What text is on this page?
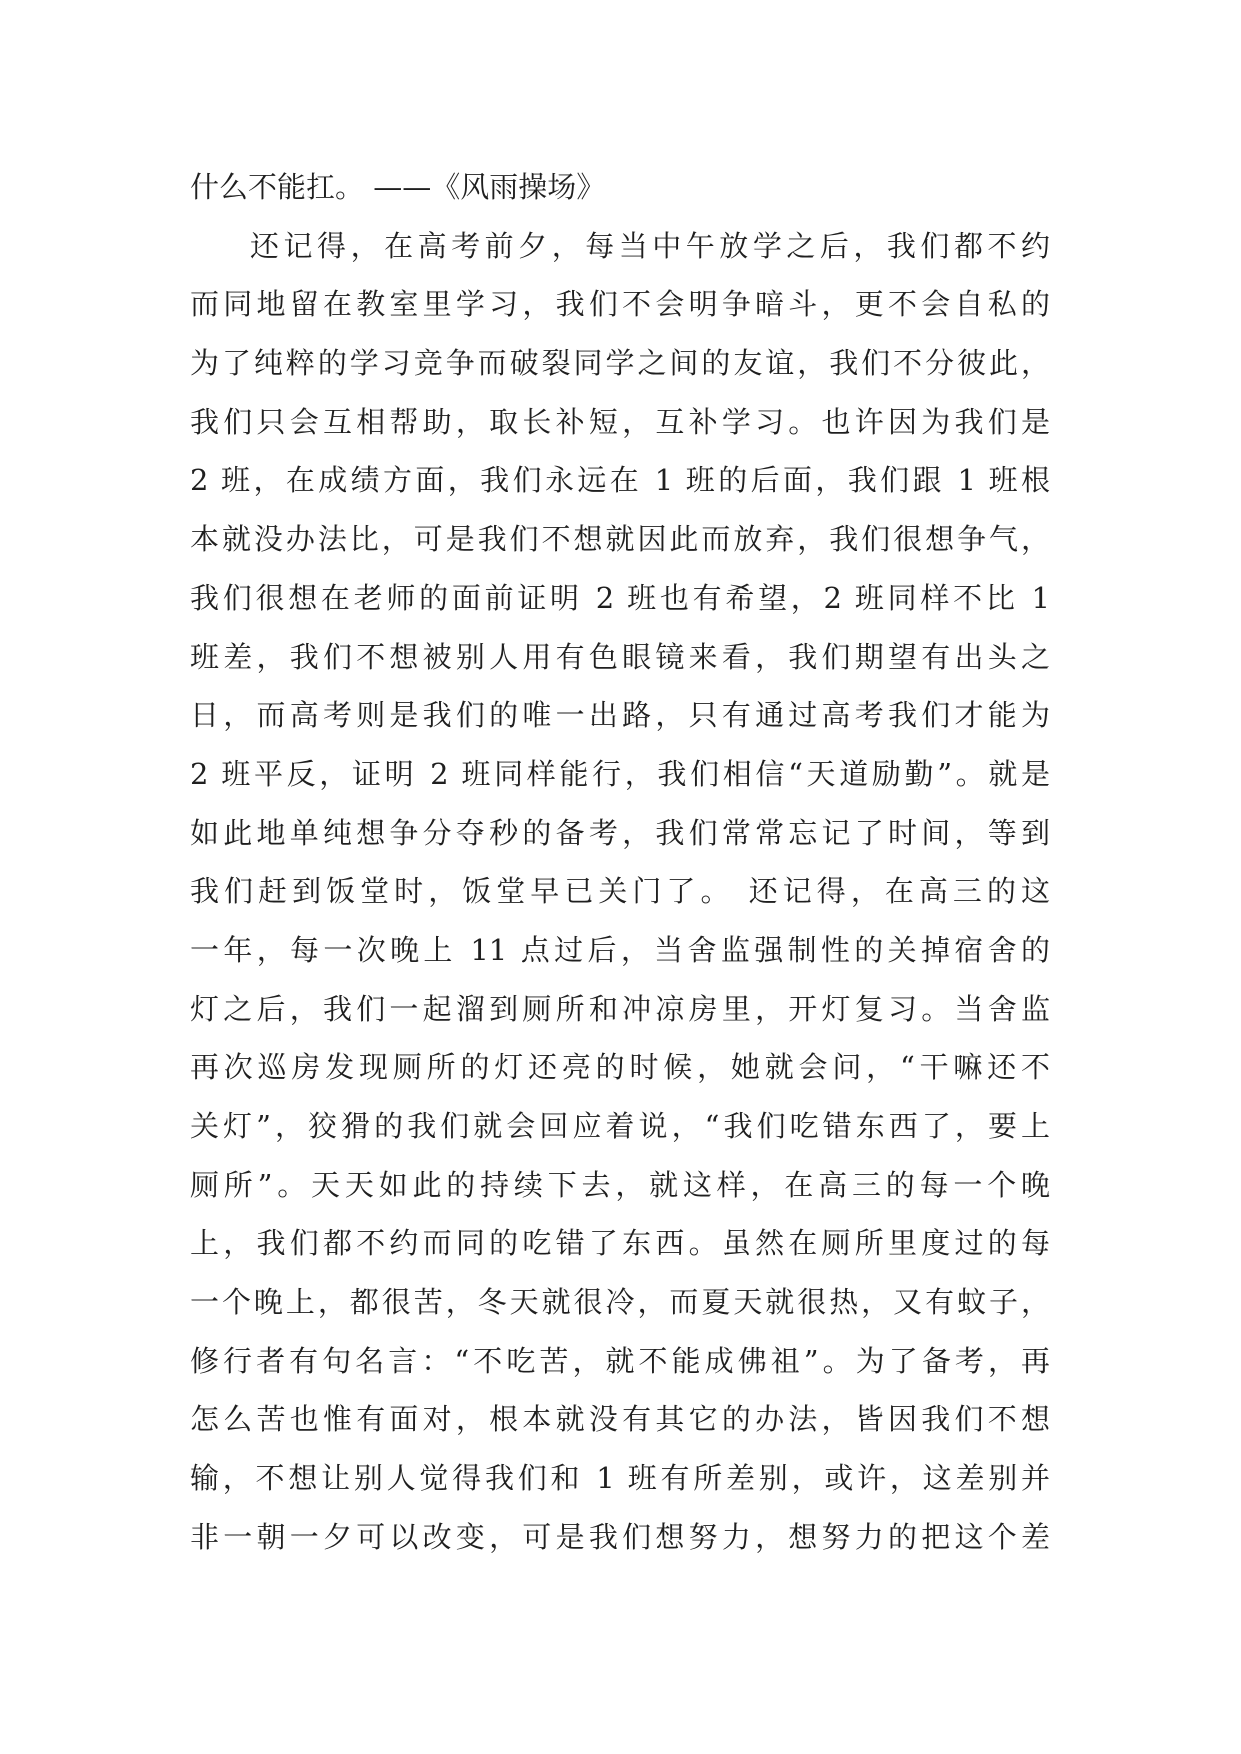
什么不能扛。 ——《风雨操场》
还记得，在高考前夕，每当中午放学之后，我们都不约
而同地留在教室里学习，我们不会明争暗斗，更不会自私的
为了纯粹的学习竞争而破裂同学之间的友谊，我们不分彼此，
我们只会互相帮助，取长补短，互补学习。也许因为我们是
2 班，在成绩方面，我们永远在 1 班的后面，我们跟 1 班根
本就没办法比，可是我们不想就因此而放弃，我们很想争气，
我们很想在老师的面前证明 2 班也有希望，2 班同样不比 1
班差，我们不想被别人用有色眼镜来看，我们期望有出头之
日，而高考则是我们的唯一出路，只有通过高考我们才能为
2 班平反，证明 2 班同样能行，我们相信“天道励勤”。就是
如此地单纯想争分夺秒的备考，我们常常忘记了时间，等到
我们赶到饭堂时，饭堂早已关门了。 还记得，在高三的这
一年，每一次晚上 11 点过后，当舍监强制性的关掉宿舍的
灯之后，我们一起溜到厕所和冲凉房里，开灯复习。当舍监
再次巡房发现厕所的灯还亮的时候，她就会问，“干嘛还不
关灯”，狡猾的我们就会回应着说，“我们吃错东西了，要上
厕所”。天天如此的持续下去，就这样，在高三的每一个晚
上，我们都不约而同的吃错了东西。虽然在厕所里度过的每
一个晚上，都很苦，冬天就很冷，而夏天就很热，又有蚊子，
修行者有句名言：“不吃苦，就不能成佛祖”。为了备考，再
怎么苦也惟有面对，根本就没有其它的办法，皆因我们不想
输，不想让别人觉得我们和 1 班有所差别，或许，这差别并
非一朝一夕可以改变，可是我们想努力，想努力的把这个差
